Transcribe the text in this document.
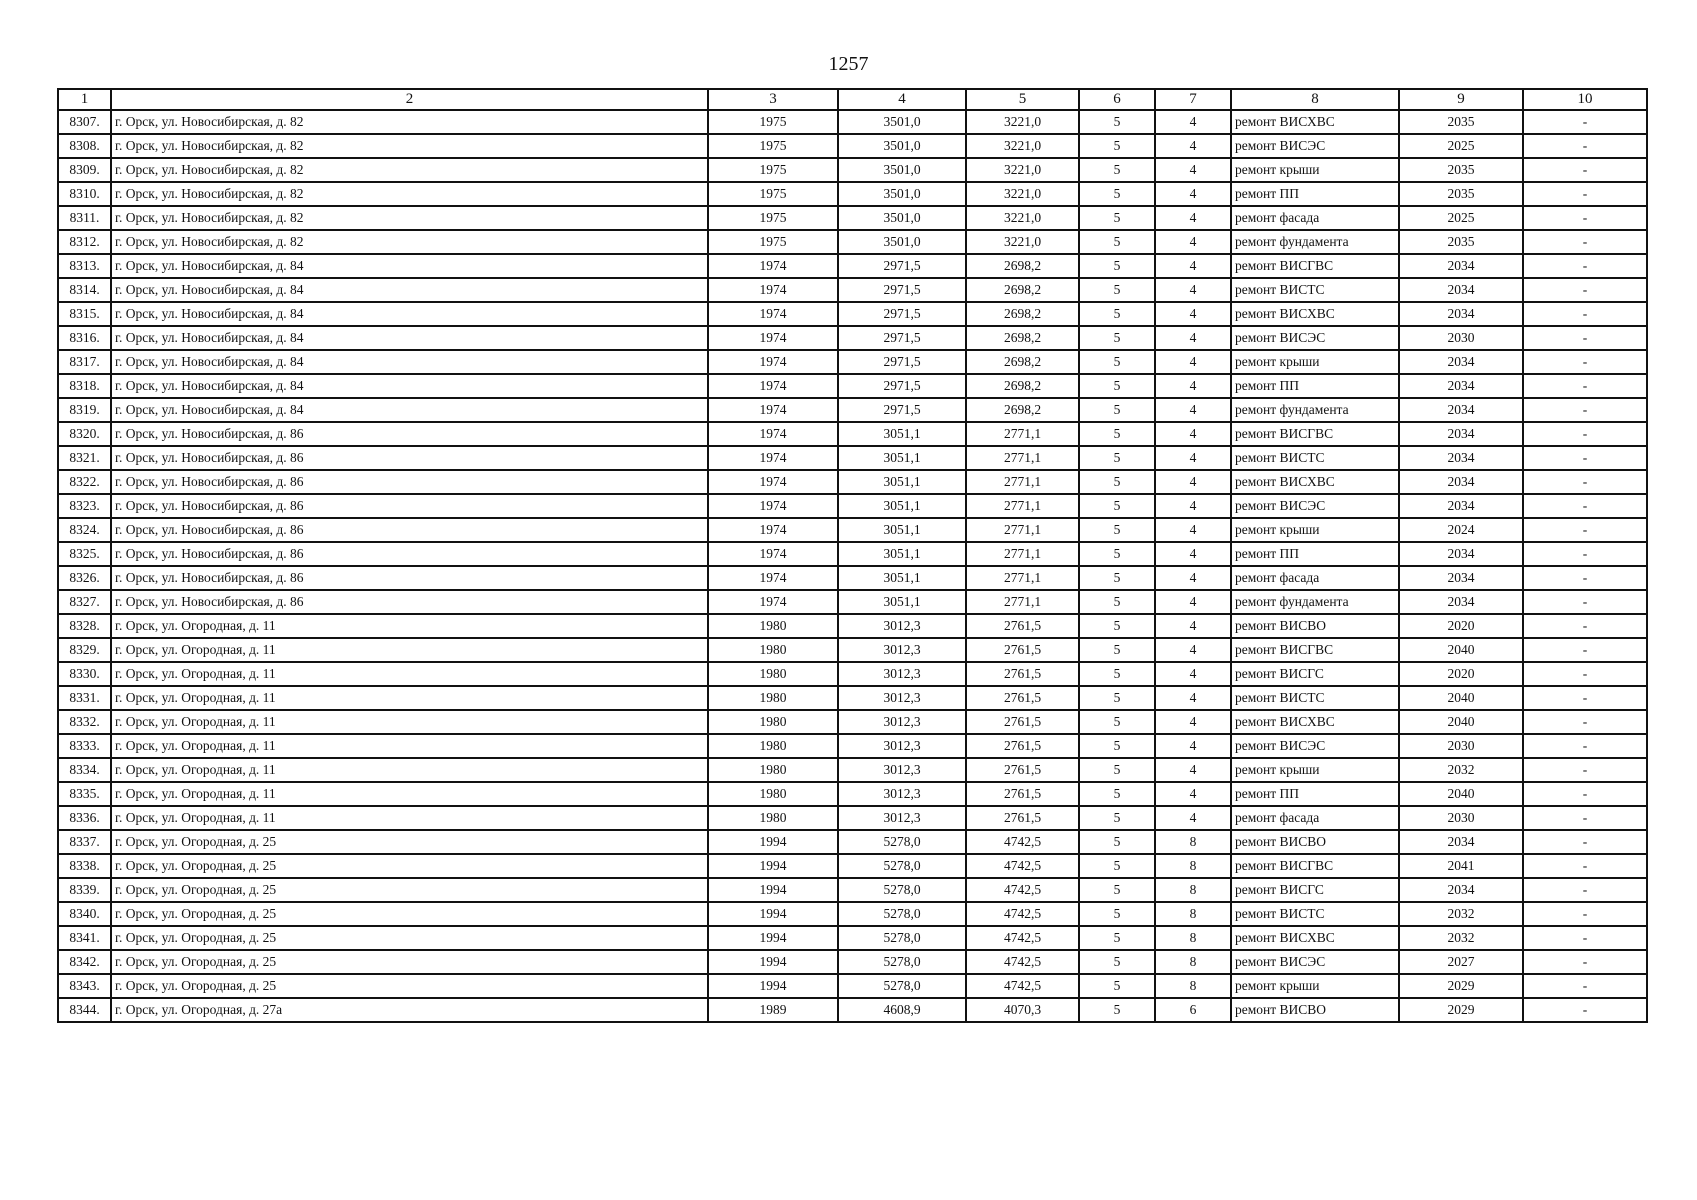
1257
1	2	3	4	5	6	7	8	9	10
8307.	г. Орск, ул. Новосибирская, д. 82	1975	3501,0	3221,0	5	4	ремонт ВИСХВС	2035	-
8308.	г. Орск, ул. Новосибирская, д. 82	1975	3501,0	3221,0	5	4	ремонт ВИСЭС	2025	-
8309.	г. Орск, ул. Новосибирская, д. 82	1975	3501,0	3221,0	5	4	ремонт крыши	2035	-
8310.	г. Орск, ул. Новосибирская, д. 82	1975	3501,0	3221,0	5	4	ремонт ПП	2035	-
8311.	г. Орск, ул. Новосибирская, д. 82	1975	3501,0	3221,0	5	4	ремонт фасада	2025	-
8312.	г. Орск, ул. Новосибирская, д. 82	1975	3501,0	3221,0	5	4	ремонт фундамента	2035	-
8313.	г. Орск, ул. Новосибирская, д. 84	1974	2971,5	2698,2	5	4	ремонт ВИСГВС	2034	-
8314.	г. Орск, ул. Новосибирская, д. 84	1974	2971,5	2698,2	5	4	ремонт ВИСТС	2034	-
8315.	г. Орск, ул. Новосибирская, д. 84	1974	2971,5	2698,2	5	4	ремонт ВИСХВС	2034	-
8316.	г. Орск, ул. Новосибирская, д. 84	1974	2971,5	2698,2	5	4	ремонт ВИСЭС	2030	-
8317.	г. Орск, ул. Новосибирская, д. 84	1974	2971,5	2698,2	5	4	ремонт крыши	2034	-
8318.	г. Орск, ул. Новосибирская, д. 84	1974	2971,5	2698,2	5	4	ремонт ПП	2034	-
8319.	г. Орск, ул. Новосибирская, д. 84	1974	2971,5	2698,2	5	4	ремонт фундамента	2034	-
8320.	г. Орск, ул. Новосибирская, д. 86	1974	3051,1	2771,1	5	4	ремонт ВИСГВС	2034	-
8321.	г. Орск, ул. Новосибирская, д. 86	1974	3051,1	2771,1	5	4	ремонт ВИСТС	2034	-
8322.	г. Орск, ул. Новосибирская, д. 86	1974	3051,1	2771,1	5	4	ремонт ВИСХВС	2034	-
8323.	г. Орск, ул. Новосибирская, д. 86	1974	3051,1	2771,1	5	4	ремонт ВИСЭС	2034	-
8324.	г. Орск, ул. Новосибирская, д. 86	1974	3051,1	2771,1	5	4	ремонт крыши	2024	-
8325.	г. Орск, ул. Новосибирская, д. 86	1974	3051,1	2771,1	5	4	ремонт ПП	2034	-
8326.	г. Орск, ул. Новосибирская, д. 86	1974	3051,1	2771,1	5	4	ремонт фасада	2034	-
8327.	г. Орск, ул. Новосибирская, д. 86	1974	3051,1	2771,1	5	4	ремонт фундамента	2034	-
8328.	г. Орск, ул. Огородная, д. 11	1980	3012,3	2761,5	5	4	ремонт ВИСВО	2020	-
8329.	г. Орск, ул. Огородная, д. 11	1980	3012,3	2761,5	5	4	ремонт ВИСГВС	2040	-
8330.	г. Орск, ул. Огородная, д. 11	1980	3012,3	2761,5	5	4	ремонт ВИСГС	2020	-
8331.	г. Орск, ул. Огородная, д. 11	1980	3012,3	2761,5	5	4	ремонт ВИСТС	2040	-
8332.	г. Орск, ул. Огородная, д. 11	1980	3012,3	2761,5	5	4	ремонт ВИСХВС	2040	-
8333.	г. Орск, ул. Огородная, д. 11	1980	3012,3	2761,5	5	4	ремонт ВИСЭС	2030	-
8334.	г. Орск, ул. Огородная, д. 11	1980	3012,3	2761,5	5	4	ремонт крыши	2032	-
8335.	г. Орск, ул. Огородная, д. 11	1980	3012,3	2761,5	5	4	ремонт ПП	2040	-
8336.	г. Орск, ул. Огородная, д. 11	1980	3012,3	2761,5	5	4	ремонт фасада	2030	-
8337.	г. Орск, ул. Огородная, д. 25	1994	5278,0	4742,5	5	8	ремонт ВИСВО	2034	-
8338.	г. Орск, ул. Огородная, д. 25	1994	5278,0	4742,5	5	8	ремонт ВИСГВС	2041	-
8339.	г. Орск, ул. Огородная, д. 25	1994	5278,0	4742,5	5	8	ремонт ВИСГС	2034	-
8340.	г. Орск, ул. Огородная, д. 25	1994	5278,0	4742,5	5	8	ремонт ВИСТС	2032	-
8341.	г. Орск, ул. Огородная, д. 25	1994	5278,0	4742,5	5	8	ремонт ВИСХВС	2032	-
8342.	г. Орск, ул. Огородная, д. 25	1994	5278,0	4742,5	5	8	ремонт ВИСЭС	2027	-
8343.	г. Орск, ул. Огородная, д. 25	1994	5278,0	4742,5	5	8	ремонт крыши	2029	-
8344.	г. Орск, ул. Огородная, д. 27а	1989	4608,9	4070,3	5	6	ремонт ВИСВО	2029	-
